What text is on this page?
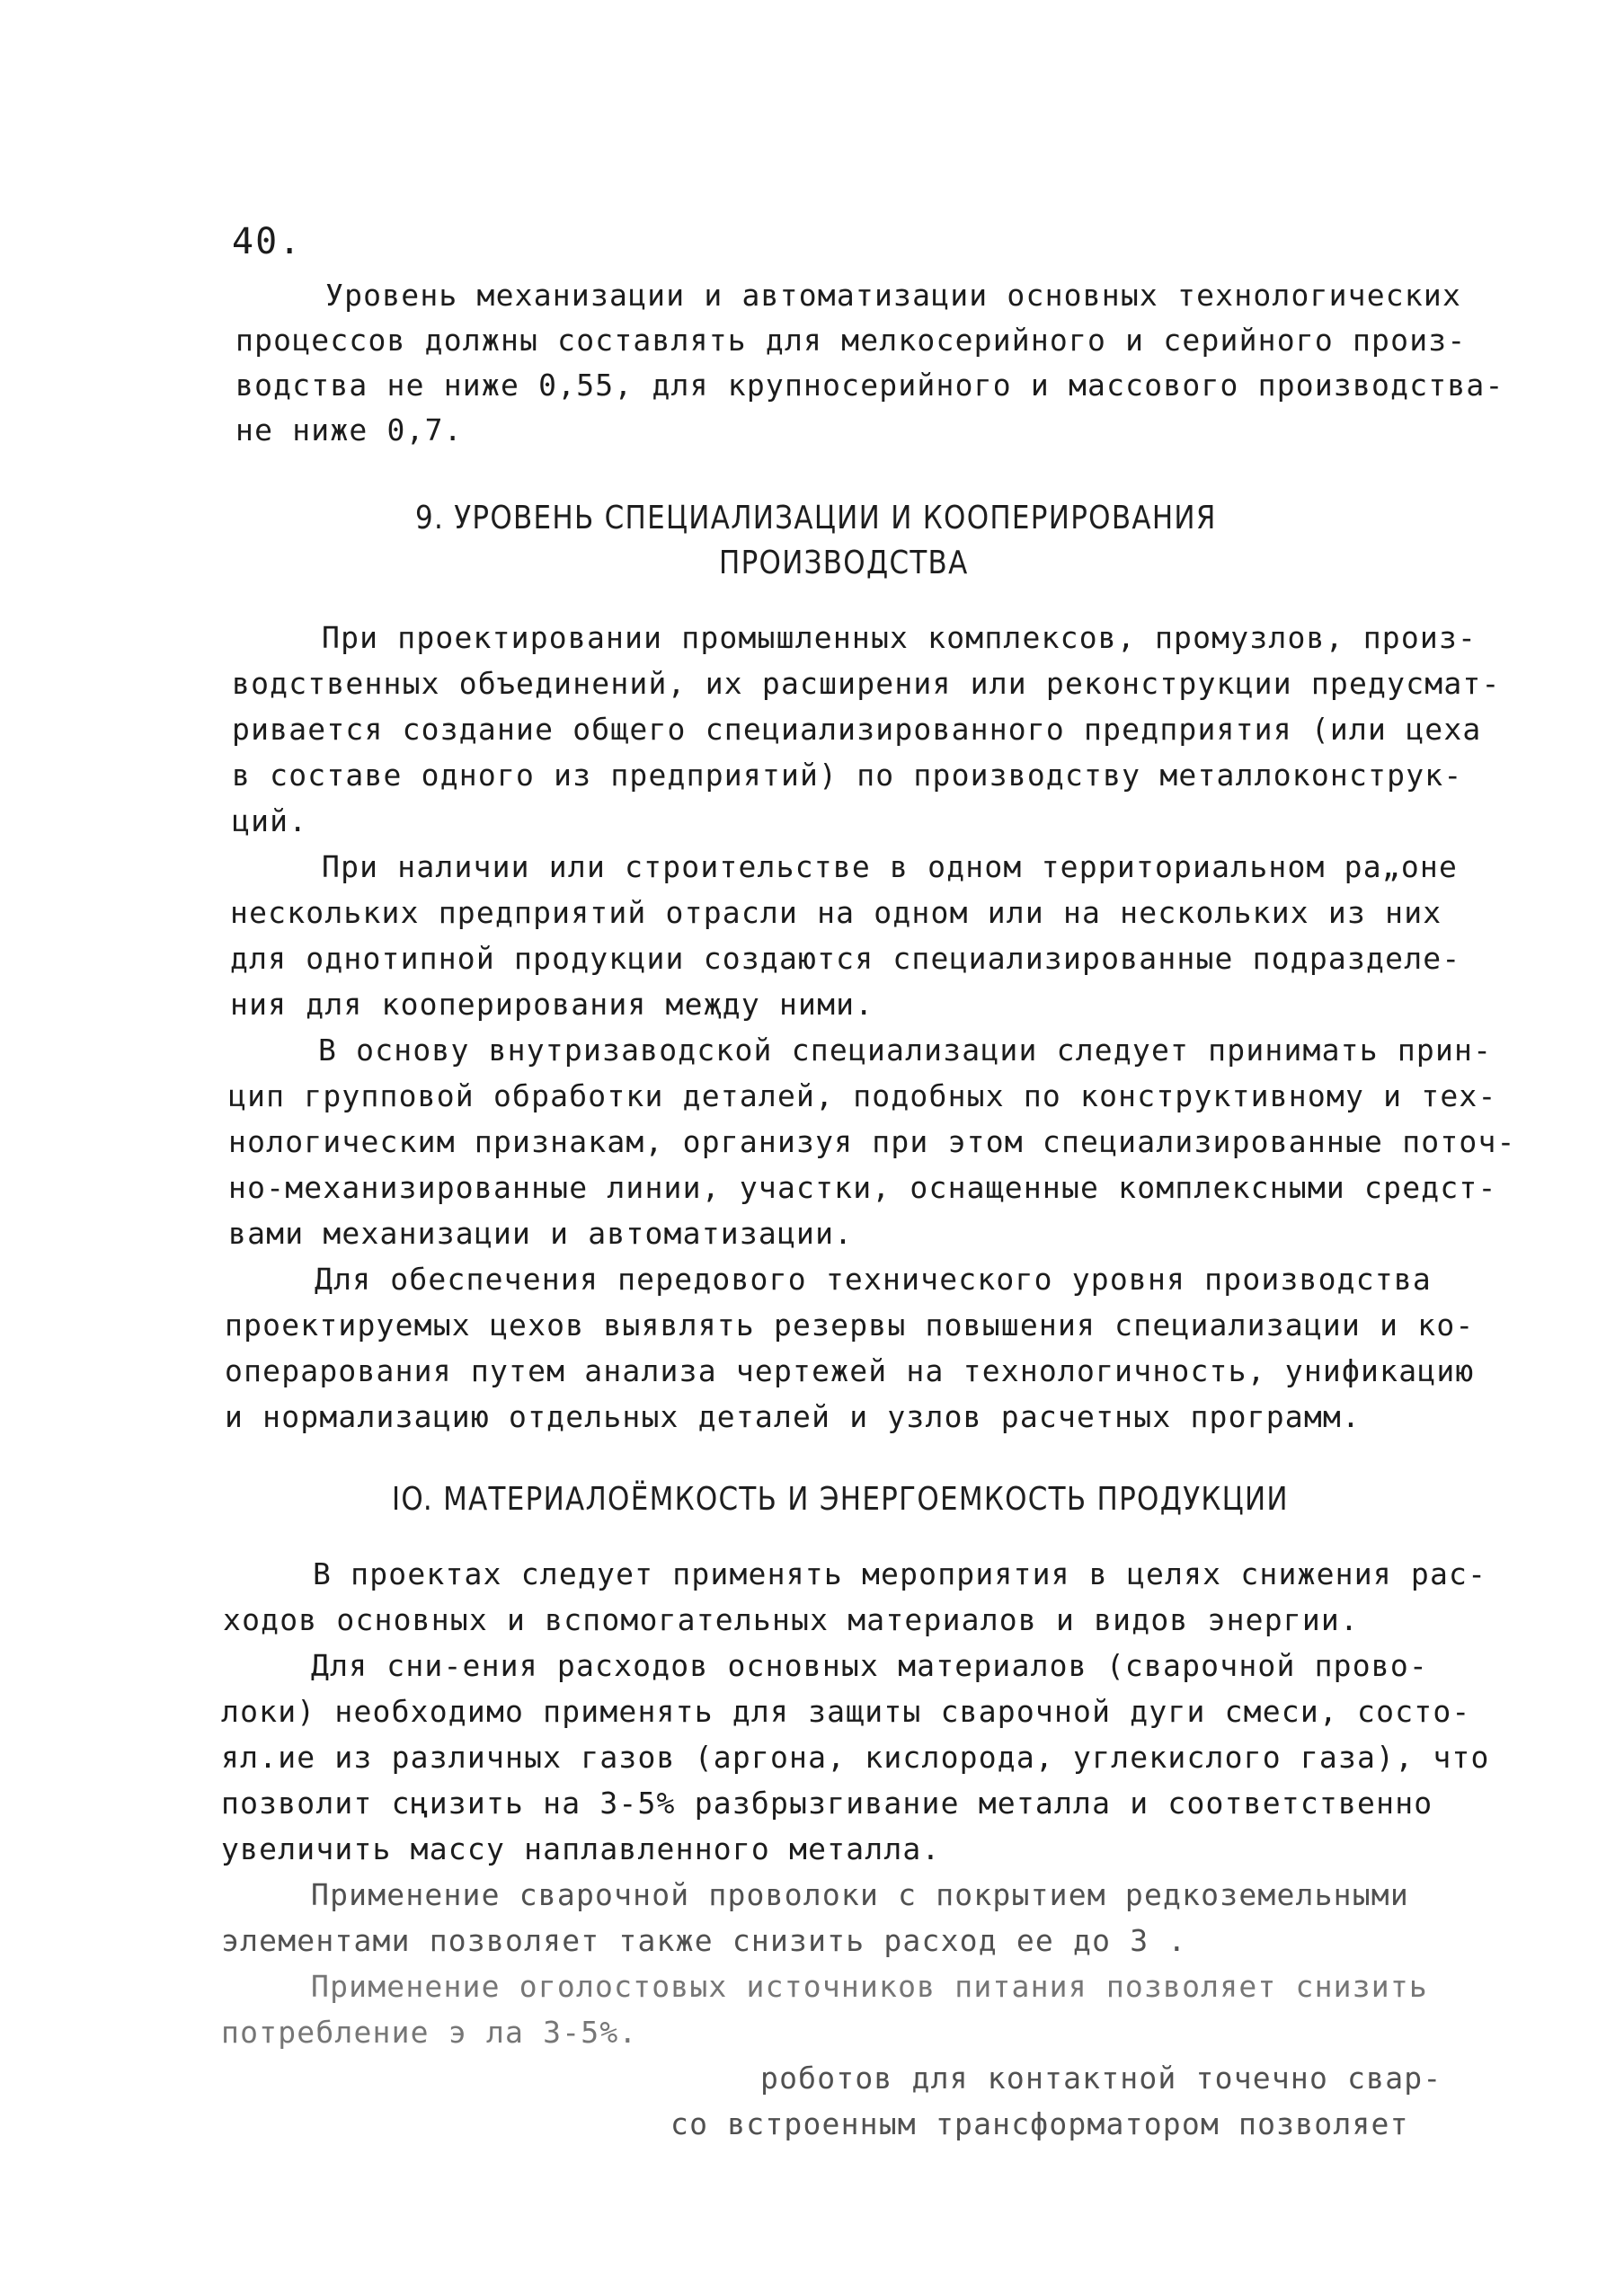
40.
Уровень механизации и автоматизации основных технологических
процессов должны составлять для мелкосерийного и серийного произ-
водства не ниже 0,55, для крупносерийного и массового производства-
не ниже 0,7.
9. УРОВЕНЬ СПЕЦИАЛИЗАЦИИ И КООПЕРИРОВАНИЯ
ПРОИЗВОДСТВА
При проектировании промышленных комплексов, промузлов, произ-
водственных объединений, их расширения или реконструкции предусмат-
ривается создание общего специализированного предприятия (или цеха
в составе одного из предприятий) по производству металлоконструк-
ций.
При наличии или строительстве в одном территориальном ра„оне
нескольких предприятий отрасли на одном или на нескольких из них
для однотипной продукции создаются специализированные подразделе-
ния для кооперирования меҗду ними.
В основу внутризаводской специализации следует принимать прин-
цип групповой обработки деталей, подобных по конструктивному и тех-
нологическим признакам, организуя при этом специализированные поточ-
но-механизированные линии, участки, оснащенные комплексными средст-
вами механизации и автоматизации.
Для обеспечения передового технического уровня производства
проектируемых цехов выявлять резервы повышения специализации и ко-
операрования путем анализа чертежей на технологичность, унификацию
и нормализацию отдельных деталей и узлов расчетных программ.
IO. МАТЕРИАЛОЁМКОСТЬ И ЭНЕРГОЕМКОСТЬ ПРОДУКЦИИ
В проектах следует применять мероприятия в целях снижения рас-
ходов основных и вспомогательных материалов и видов энергии.
Для сни-ения расходов основных материалов (сварочной прово-
локи) необходимо применять для защиты сварочной дуги смеси, состо-
ял.ие из различных газов (аргона, кислорода, углекислого газа), что
позволит сңизить на 3-5% разбрызгивание металла и соответственно
увеличить массу наплавленного металла.
Применение сварочной проволоки с покрытием редкоземельными
элементами позволяет также снизить расход ее до 3 .
Применение оголостовых источников питания позволяет снизить
потребление э ла 3-5%.
роботов для контактной точечно свар-
со встроенным трансформатором позволяет
